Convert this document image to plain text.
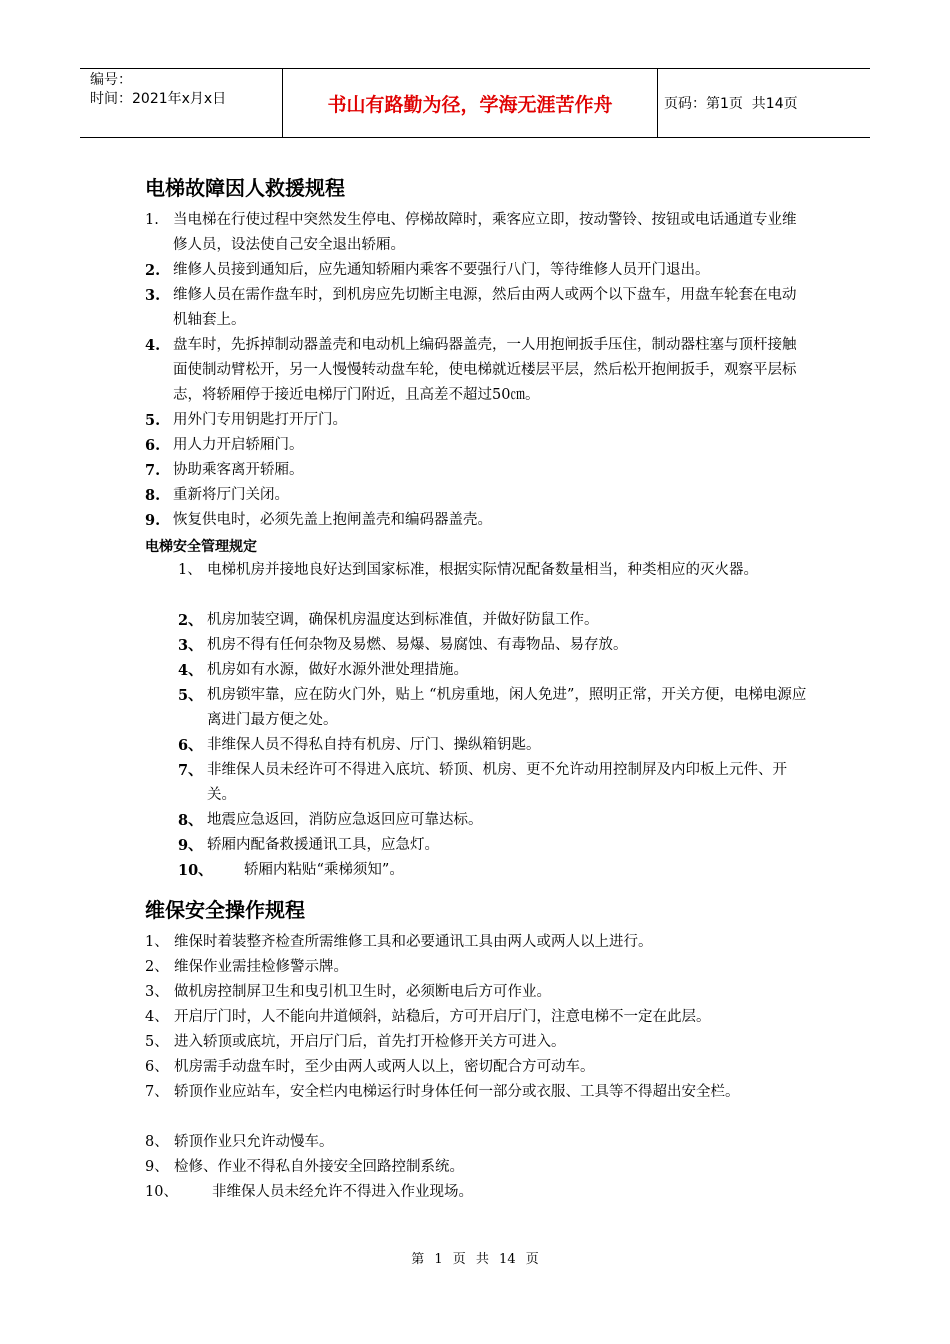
编号：
时间：2021年x月x日	书山有路勤为径，学海无涯苦作舟	页码：第1页  共14页
电梯故障因人救援规程
1. 当电梯在行使过程中突然发生停电、停梯故障时，乘客应立即，按动警铃、按钮或电话通道专业维修人员，设法使自己安全退出轿厢。
2. 维修人员接到通知后，应先通知轿厢内乘客不要强行八门，等待维修人员开门退出。
3. 维修人员在需作盘车时，到机房应先切断主电源，然后由两人或两个以下盘车，用盘车轮套在电动机轴套上。
4. 盘车时，先拆掉制动器盖壳和电动机上编码器盖壳，一人用抱闸扳手压住，制动器柱塞与顶杆接触面使制动臂松开，另一人慢慢转动盘车轮，使电梯就近楼层平层，然后松开抱闸扳手，观察平层标志，将轿厢停于接近电梯厅门附近，且高差不超过50㎝。
5. 用外门专用钥匙打开厅门。
6. 用人力开启轿厢门。
7. 协助乘客离开轿厢。
8. 重新将厅门关闭。
9. 恢复供电时，必须先盖上抱闸盖壳和编码器盖壳。
电梯安全管理规定
1、 电梯机房并接地良好达到国家标准，根据实际情况配备数量相当，种类相应的灭火器。
2、 机房加装空调，确保机房温度达到标准值，并做好防鼠工作。
3、 机房不得有任何杂物及易燃、易爆、易腐蚀、有毒物品、易存放。
4、 机房如有水源，做好水源外泄处理措施。
5、 机房锁牢靠，应在防火门外，贴上 “机房重地，闲人免进”，照明正常，开关方便，电梯电源应离进门最方便之处。
6、 非维保人员不得私自持有机房、厅门、操纵箱钥匙。
7、 非维保人员未经许可不得进入底坑、轿顶、机房、更不允许动用控制屏及内印板上元件、开关。
8、 地震应急返回，消防应急返回应可靠达标。
9、 轿厢内配备救援通讯工具，应急灯。
10、	轿厢内粘贴“乘梯须知”。
维保安全操作规程
1、 维保时着装整齐检查所需维修工具和必要通讯工具由两人或两人以上进行。
2、 维保作业需挂检修警示牌。
3、 做机房控制屏卫生和曳引机卫生时，必须断电后方可作业。
4、 开启厅门时，人不能向井道倾斜，站稳后，方可开启厅门，注意电梯不一定在此层。
5、 进入轿顶或底坑，开启厅门后，首先打开检修开关方可进入。
6、 机房需手动盘车时，至少由两人或两人以上，密切配合方可动车。
7、 轿顶作业应站车，安全栏内电梯运行时身体任何一部分或衣服、工具等不得超出安全栏。
8、 轿顶作业只允许动慢车。
9、 检修、作业不得私自外接安全回路控制系统。
10、	非维保人员未经允许不得进入作业现场。
第 1 页 共 14 页
